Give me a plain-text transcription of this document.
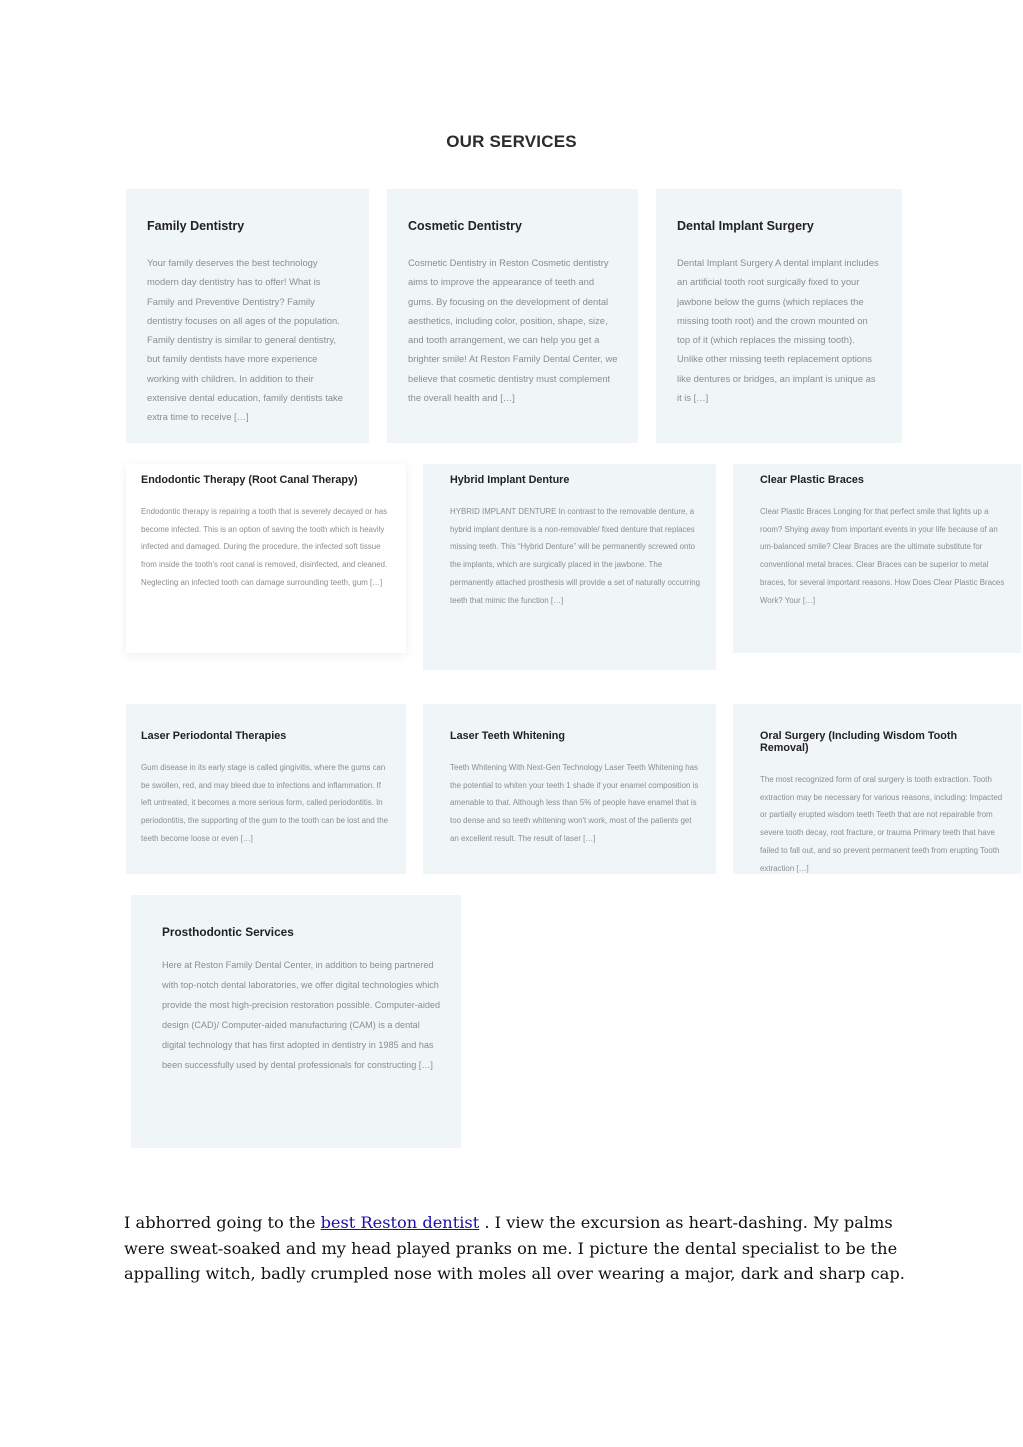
OUR SERVICES
Family Dentistry

Your family deserves the best technology modern day dentistry has to offer! What is Family and Preventive Dentistry? Family dentistry focuses on all ages of the population. Family dentistry is similar to general dentistry, but family dentists have more experience working with children. In addition to their extensive dental education, family dentists take extra time to receive […]

Cosmetic Dentistry

Cosmetic Dentistry in Reston Cosmetic dentistry aims to improve the appearance of teeth and gums. By focusing on the development of dental aesthetics, including color, position, shape, size, and tooth arrangement, we can help you get a brighter smile! At Reston Family Dental Center, we believe that cosmetic dentistry must complement the overall health and […]

Dental Implant Surgery

Dental Implant Surgery A dental implant includes an artificial tooth root surgically fixed to your jawbone below the gums (which replaces the missing tooth root) and the crown mounted on top of it (which replaces the missing tooth). Unlike other missing teeth replacement options like dentures or bridges, an implant is unique as it is […]

Endodontic Therapy (Root Canal Therapy)

Endodontic therapy is repairing a tooth that is severely decayed or has become infected. This is an option of saving the tooth which is heavily infected and damaged. During the procedure, the infected soft tissue from inside the tooth's root canal is removed, disinfected, and cleaned. Neglecting an infected tooth can damage surrounding teeth, gum […]

Hybrid Implant Denture

HYBRID IMPLANT DENTURE In contrast to the removable denture, a hybrid implant denture is a non-removable/ fixed denture that replaces missing teeth. This “Hybrid Denture” will be permanently screwed onto the implants, which are surgically placed in the jawbone. The permanently attached prosthesis will provide a set of naturally occurring teeth that mimic the function […]

Clear Plastic Braces

Clear Plastic Braces Longing for that perfect smile that lights up a room? Shying away from important events in your life because of an um-balanced smile? Clear Braces are the ultimate substitute for conventional metal braces. Clear Braces can be superior to metal braces, for several important reasons. How Does Clear Plastic Braces Work? Your […]

Laser Periodontal Therapies

Gum disease in its early stage is called gingivitis, where the gums can be swollen, red, and may bleed due to infections and inflammation. If left untreated, it becomes a more serious form, called periodontitis. In periodontitis, the supporting of the gum to the tooth can be lost and the teeth become loose or even […]

Laser Teeth Whitening

Teeth Whitening With Next-Gen Technology Laser Teeth Whitening has the potential to whiten your teeth 1 shade if your enamel composition is amenable to that. Although less than 5% of people have enamel that is too dense and so teeth whitening won't work, most of the patients get an excellent result. The result of laser […]

Oral Surgery (Including Wisdom Tooth Removal)

The most recognized form of oral surgery is tooth extraction. Tooth extraction may be necessary for various reasons, including: Impacted or partially erupted wisdom teeth Teeth that are not repairable from severe tooth decay, root fracture, or trauma Primary teeth that have failed to fall out, and so prevent permanent teeth from erupting Tooth extraction […]

Prosthodontic Services

Here at Reston Family Dental Center, in addition to being partnered with top-notch dental laboratories, we offer digital technologies which provide the most high-precision restoration possible. Computer-aided design (CAD)/ Computer-aided manufacturing (CAM) is a dental digital technology that has first adopted in dentistry in 1985 and has been successfully used by dental professionals for constructing […]

I abhorred going to the best Reston dentist . I view the excursion as heart-dashing. My palms were sweat-soaked and my head played pranks on me. I picture the dental specialist to be the appalling witch, badly crumpled nose with moles all over wearing a major, dark and sharp cap.
